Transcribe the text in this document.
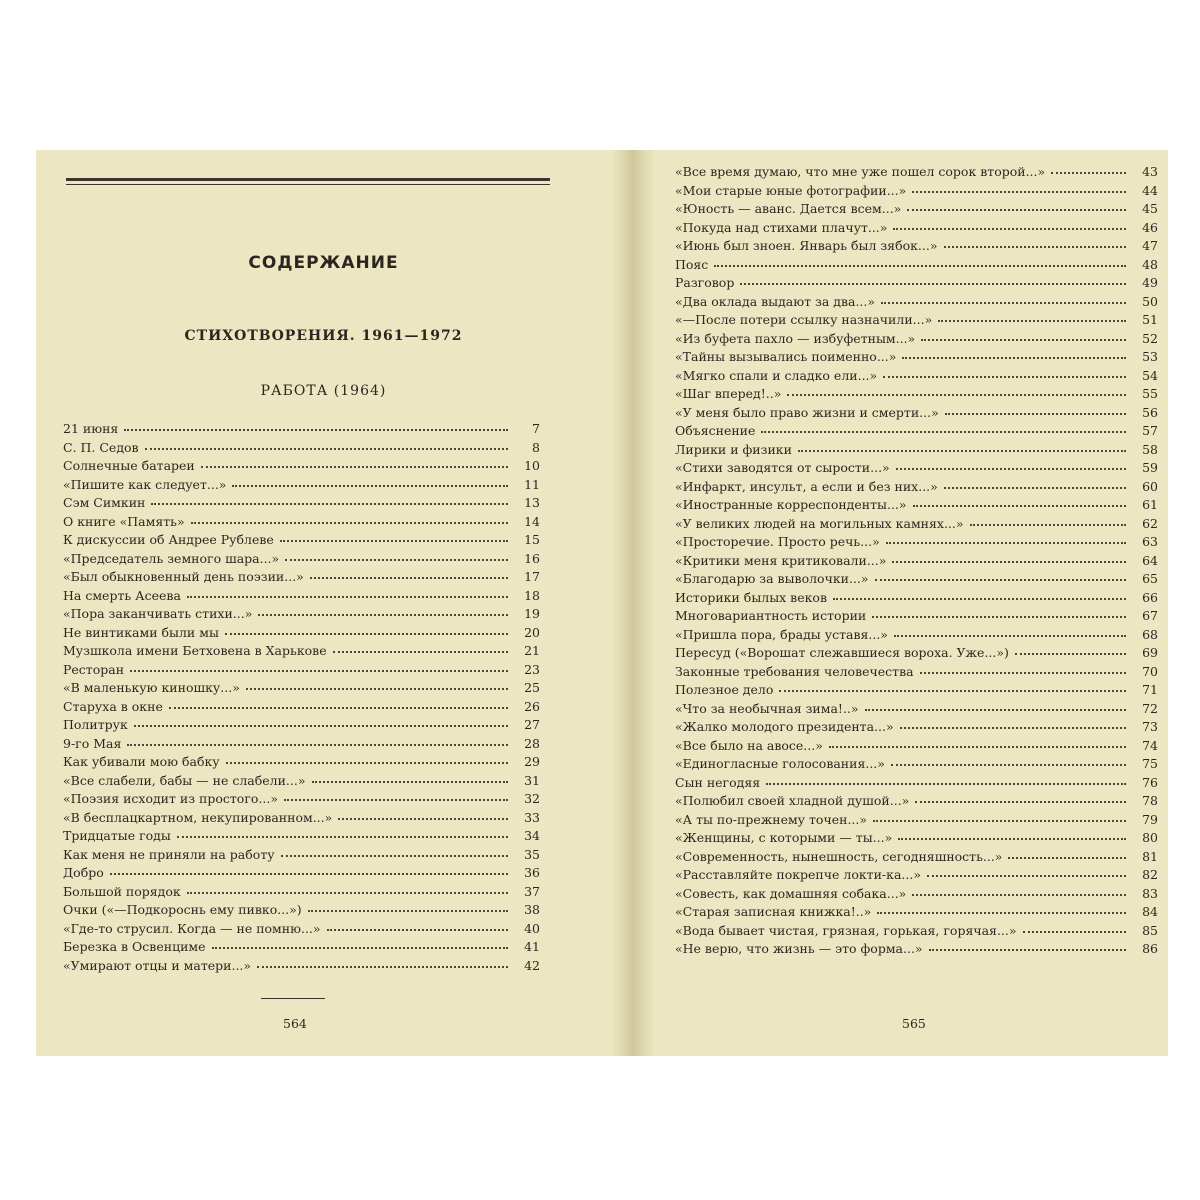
СОДЕРЖАНИЕ
СТИХОТВОРЕНИЯ. 1961—1972
РАБОТА (1964)
21 июня	7
С. П. Седов	8
Солнечные батареи	10
«Пишите как следует...»	11
Сэм Симкин	13
О книге «Память»	14
К дискуссии об Андрее Рублеве	15
«Председатель земного шара...»	16
«Был обыкновенный день поэзии...»	17
На смерть Асеева	18
«Пора заканчивать стихи...»	19
Не винтиками были мы	20
Музшкола имени Бетховена в Харькове	21
Ресторан	23
«В маленькую киношку...»	25
Старуха в окне	26
Политрук	27
9-го Мая	28
Как убивали мою бабку	29
«Все слабели, бабы — не слабели...»	31
«Поэзия исходит из простого...»	32
«В бесплацкартном, некупированном...»	33
Тридцатые годы	34
Как меня не приняли на работу	35
Добро	36
Большой порядок	37
Очки («—Подкороснь ему пивко...»)	38
«Где-то струсил. Когда — не помню...»	40
Березка в Освенциме	41
«Умирают отцы и матери...»	42
564
«Все время думаю, что мне уже пошел сорок второй...»	43
«Мои старые юные фотографии...»	44
«Юность — аванс. Дается всем...»	45
«Покуда над стихами плачут...»	46
«Июнь был зноен. Январь был зябок...»	47
Пояс	48
Разговор	49
«Два оклада выдают за два...»	50
«—После потери ссылку назначили...»	51
«Из буфета пахло — избуфетным...»	52
«Тайны вызывались поименно...»	53
«Мягко спали и сладко ели...»	54
«Шаг вперед!..»	55
«У меня было право жизни и смерти...»	56
Объяснение	57
Лирики и физики	58
«Стихи заводятся от сырости...»	59
«Инфаркт, инсульт, а если и без них...»	60
«Иностранные корреспонденты...»	61
«У великих людей на могильных камнях...»	62
«Просторечие. Просто речь...»	63
«Критики меня критиковали...»	64
«Благодарю за выволочки...»	65
Историки былых веков	66
Многовариантность истории	67
«Пришла пора, брады уставя...»	68
Пересуд («Ворошат слежавшиеся вороха. Уже...»)	69
Законные требования человечества	70
Полезное дело	71
«Что за необычная зима!..»	72
«Жалко молодого президента...»	73
«Все было на авосе...»	74
«Единогласные голосования...»	75
Сын негодяя	76
«Полюбил своей хладной душой...»	78
«А ты по-прежнему точен...»	79
«Женщины, с которыми — ты...»	80
«Современность, нынешность, сегодняшность...»	81
«Расставляйте покрепче локти-ка...»	82
«Совесть, как домашняя собака...»	83
«Старая записная книжка!..»	84
«Вода бывает чистая, грязная, горькая, горячая...»	85
«Не верю, что жизнь — это форма...»	86
565
